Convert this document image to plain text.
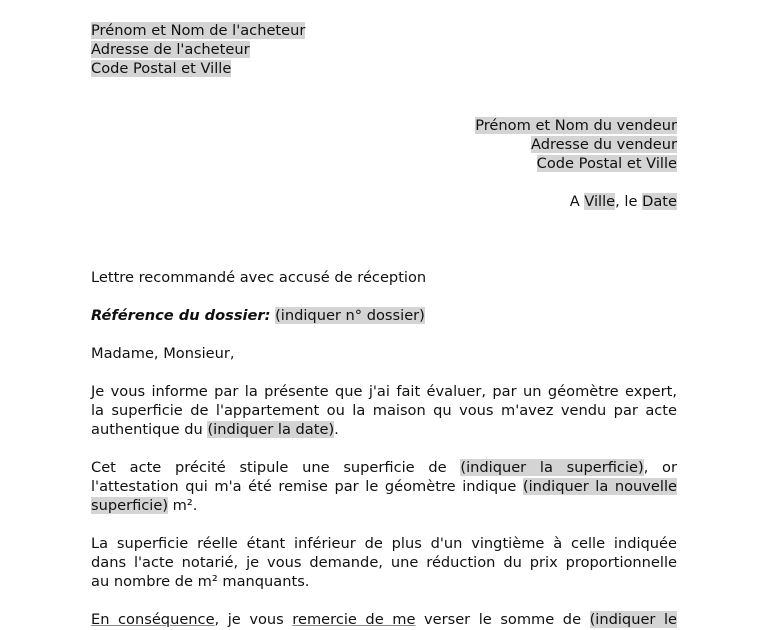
Prénom et Nom de l'acheteur
Adresse de l'acheteur
Code Postal et Ville
Prénom et Nom du vendeur
Adresse du vendeur
Code Postal et Ville
A Ville, le Date
Lettre recommandé avec accusé de réception
Référence du dossier: (indiquer n° dossier)
Madame, Monsieur,
Je vous informe par la présente que j'ai fait évaluer, par un géomètre expert,
la superficie de l'appartement ou la maison qu vous m'avez vendu par acte
authentique du (indiquer la date).
Cet acte précité stipule une superficie de (indiquer la superficie), or
l'attestation qui m'a été remise par le géomètre indique (indiquer la nouvelle
superficie) m².
La superficie réelle étant inférieur de plus d'un vingtième à celle indiquée
dans l'acte notarié, je vous demande, une réduction du prix proportionnelle
au nombre de m² manquants.
En conséquence, je vous remercie de me verser le somme de (indiquer le
